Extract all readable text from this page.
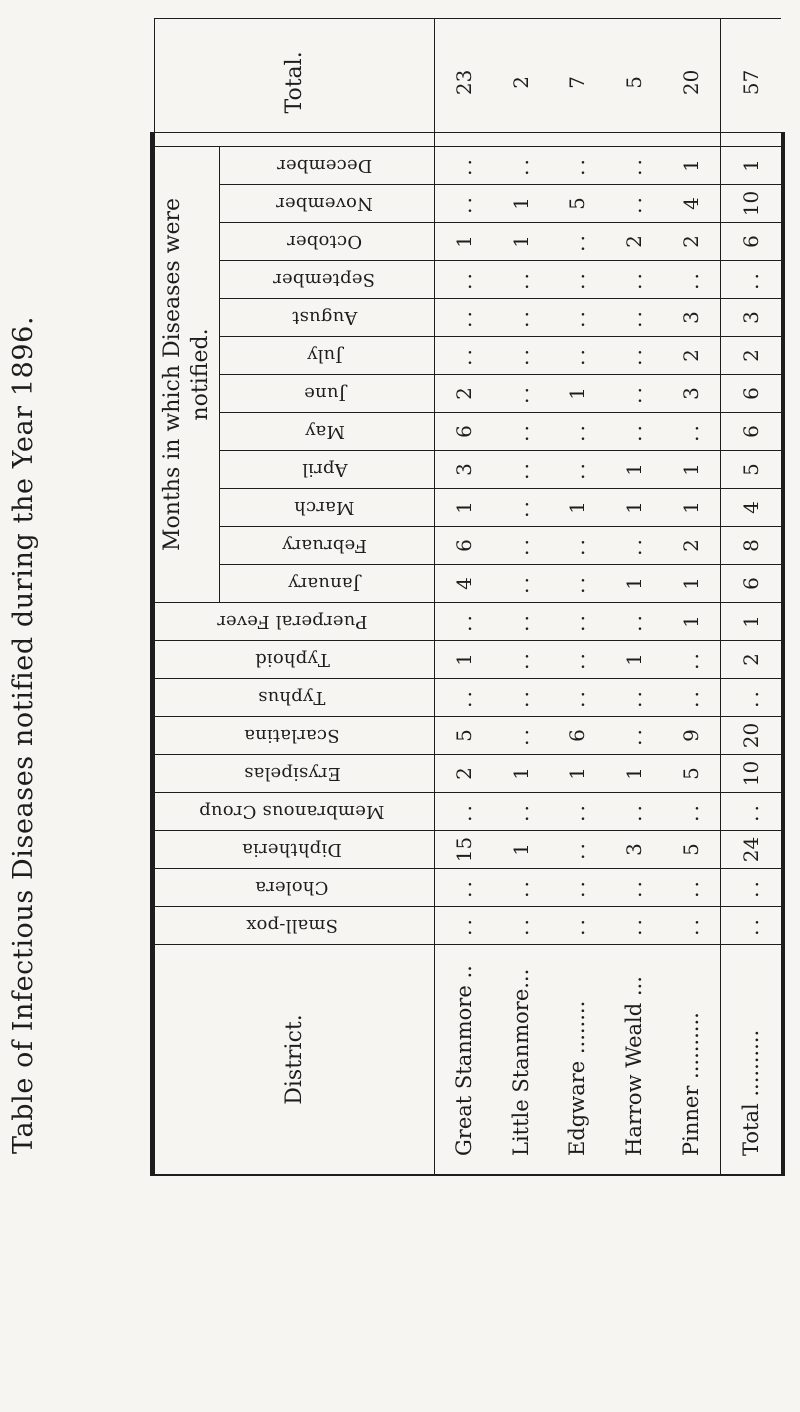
Table of Infectious Diseases notified during the Year 1896.	District.	Small-pox	Cholera	Diphtheria	Membranous Croup	Erysipelas	Scarlatina	Typhus	Typhoid	Puerperal Fever	Months in which Diseases were notified.												Total.
										January	February	March	April	May	June	July	August	September	October	November	December	
Great Stanmore ..	..	..	15	..	2	5	..	1	..	4	6	1	3	6	2	..	..	..	1	..	..	23
Little Stanmore...	..	..	1	..	1	..	..	..	..	..	..	..	..	..	..	..	..	..	1	1	..	2
Edgware ........	..	..	..	..	1	6	..	..	..	..	..	1	..	..	1	..	..	..	..	5	..	7
Harrow Weald ...	..	..	3	..	1	..	..	1	..	1	..	1	1	..	..	..	..	..	2	..	..	5
Pinner ..........	..	..	5	..	5	9	..	..	1	1	2	1	1	..	3	2	3	..	2	4	1	20
Total ..........	..	..	24	..	10	20	..	2	1	6	8	4	5	6	6	2	3	..	6	10	1	57
